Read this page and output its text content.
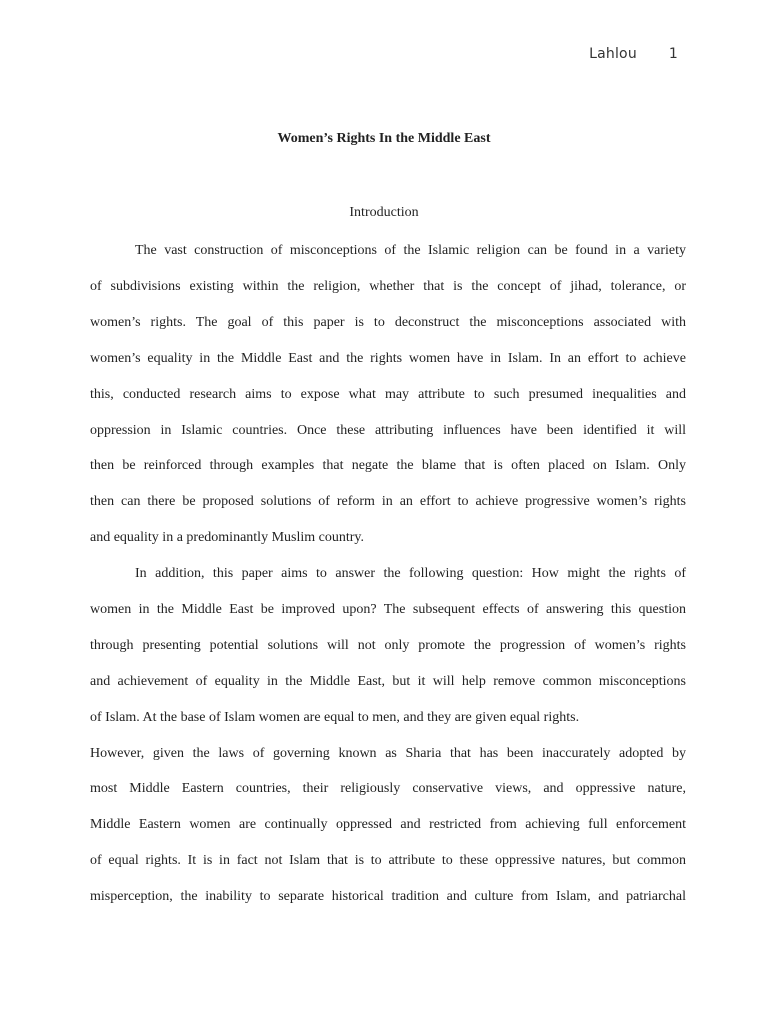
Lahlou 1
Women’s Rights In the Middle East
Introduction
The vast construction of misconceptions of the Islamic religion can be found in a variety
of subdivisions existing within the religion, whether that is the concept of jihad, tolerance, or
women’s rights. The goal of this paper is to deconstruct the misconceptions associated with
women’s equality in the Middle East and the rights women have in Islam. In an effort to achieve
this, conducted research aims to expose what may attribute to such presumed inequalities and
oppression in Islamic countries. Once these attributing influences have been identified it will
then be reinforced through examples that negate the blame that is often placed on Islam. Only
then can there be proposed solutions of reform in an effort to achieve progressive women’s rights
and equality in a predominantly Muslim country.
In addition, this paper aims to answer the following question: How might the rights of
women in the Middle East be improved upon? The subsequent effects of answering this question
through presenting potential solutions will not only promote the progression of women’s rights
and achievement of equality in the Middle East, but it will help remove common misconceptions
of Islam. At the base of Islam women are equal to men, and they are given equal rights.
However, given the laws of governing known as Sharia that has been inaccurately adopted by
most Middle Eastern countries, their religiously conservative views, and oppressive nature,
Middle Eastern women are continually oppressed and restricted from achieving full enforcement
of equal rights. It is in fact not Islam that is to attribute to these oppressive natures, but common
misperception, the inability to separate historical tradition and culture from Islam, and patriarchal
